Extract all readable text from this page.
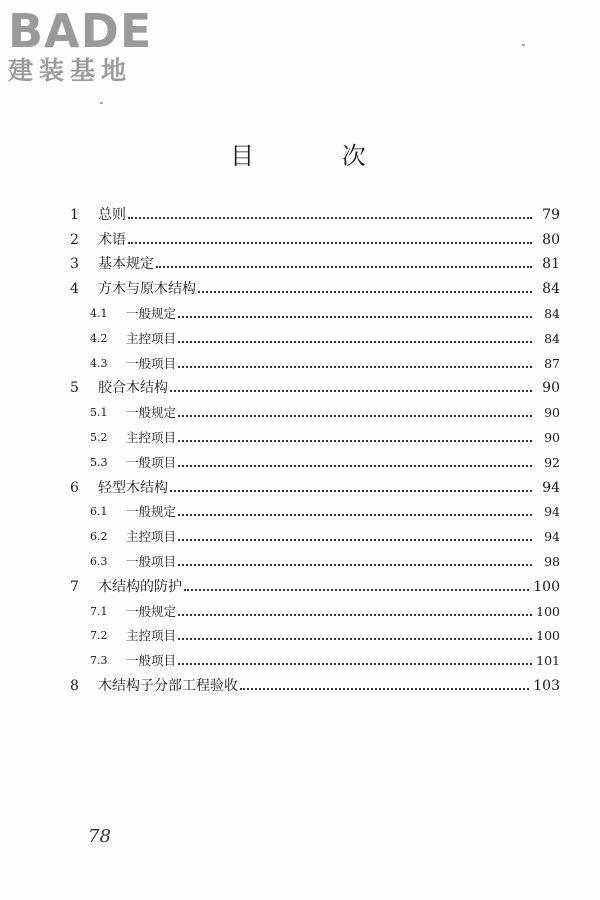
BADE
建装基地
目 次
1	总则	79
2	术语	80
3	基本规定	81
4	方木与原木结构	84
4.1	一般规定	84
4.2	主控项目	84
4.3	一般项目	87
5	胶合木结构	90
5.1	一般规定	90
5.2	主控项目	90
5.3	一般项目	92
6	轻型木结构	94
6.1	一般规定	94
6.2	主控项目	94
6.3	一般项目	98
7	木结构的防护	100
7.1	一般规定	100
7.2	主控项目	100
7.3	一般项目	101
8	木结构子分部工程验收	103
78
